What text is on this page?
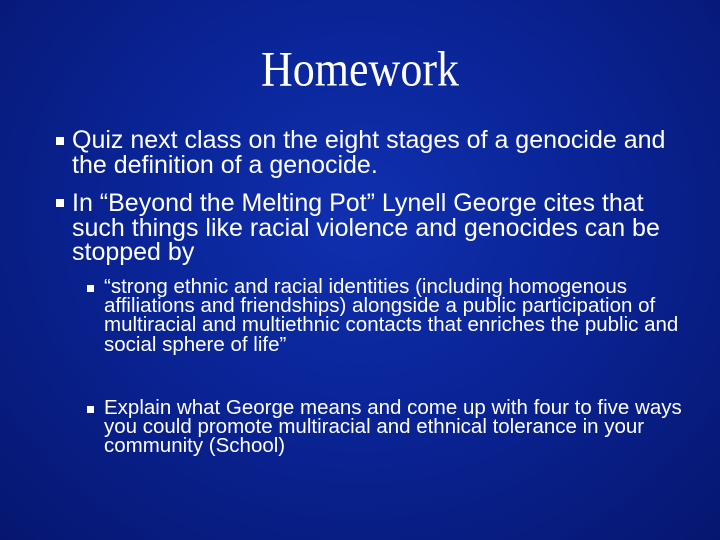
Homework
Quiz next class on the eight stages of a genocide and the definition of a genocide.
In “Beyond the Melting Pot” Lynell George cites that such things like racial violence and genocides can be stopped by
“strong ethnic and racial identities (including homogenous affiliations and friendships) alongside a public participation of multiracial and multiethnic contacts that enriches the public and social sphere of life”
Explain what George means and come up with four to five ways you could promote multiracial and ethnical tolerance in your community (School)
